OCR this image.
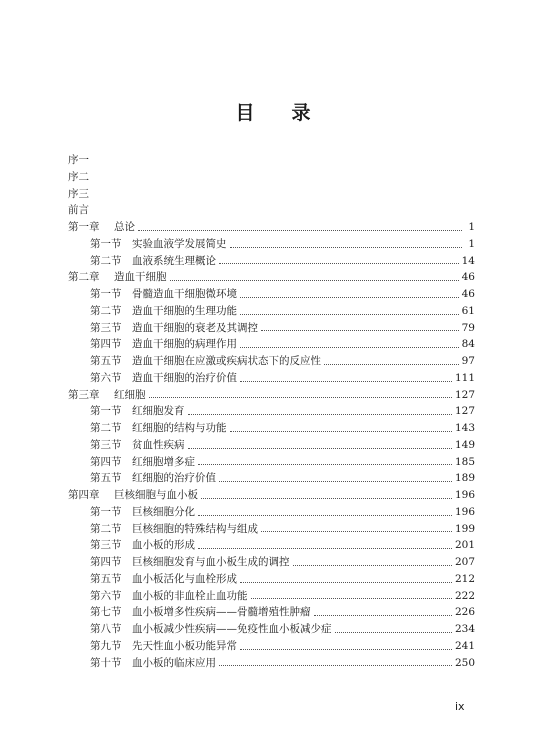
目 录
序一
序二
序三
前言
第一章	总论	1
第一节	实验血液学发展简史	1
第二节	血液系统生理概论	14
第二章	造血干细胞	46
第一节	骨髓造血干细胞微环境	46
第二节	造血干细胞的生理功能	61
第三节	造血干细胞的衰老及其调控	79
第四节	造血干细胞的病理作用	84
第五节	造血干细胞在应激或疾病状态下的反应性	97
第六节	造血干细胞的治疗价值	111
第三章	红细胞	127
第一节	红细胞发育	127
第二节	红细胞的结构与功能	143
第三节	贫血性疾病	149
第四节	红细胞增多症	185
第五节	红细胞的治疗价值	189
第四章	巨核细胞与血小板	196
第一节	巨核细胞分化	196
第二节	巨核细胞的特殊结构与组成	199
第三节	血小板的形成	201
第四节	巨核细胞发育与血小板生成的调控	207
第五节	血小板活化与血栓形成	212
第六节	血小板的非血栓止血功能	222
第七节	血小板增多性疾病——骨髓增殖性肿瘤	226
第八节	血小板减少性疾病——免疫性血小板减少症	234
第九节	先天性血小板功能异常	241
第十节	血小板的临床应用	250
ix
